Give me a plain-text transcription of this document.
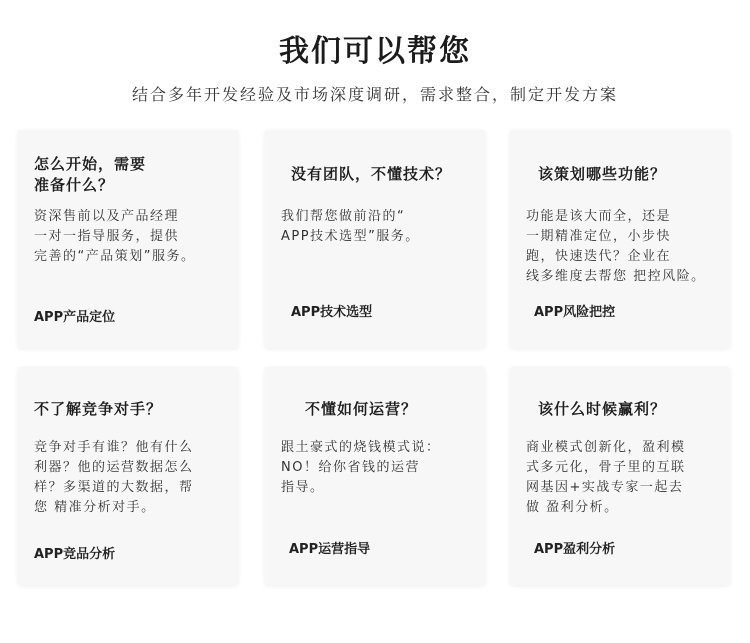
我们可以帮您
结合多年开发经验及市场深度调研，需求整合，制定开发方案
怎么开始，需要
准备什么？
资深售前以及产品经理
一对一指导服务，提供
完善的“产品策划”服务。
APP产品定位
没有团队，不懂技术？
我们帮您做前沿的“
APP技术选型”服务。
APP技术选型
该策划哪些功能？
功能是该大而全，还是
一期精准定位，小步快
跑，快速迭代？企业在
线多维度去帮您 把控风险。
APP风险把控
不了解竞争对手？
竞争对手有谁？他有什么
利器？他的运营数据怎么
样？多渠道的大数据，帮
您 精准分析对手。
APP竞品分析
不懂如何运营？
跟土豪式的烧钱模式说：
NO！给你省钱的运营
指导。
APP运营指导
该什么时候赢利？
商业模式创新化，盈利模
式多元化，骨子里的互联
网基因+实战专家一起去
做 盈利分析。
APP盈利分析
